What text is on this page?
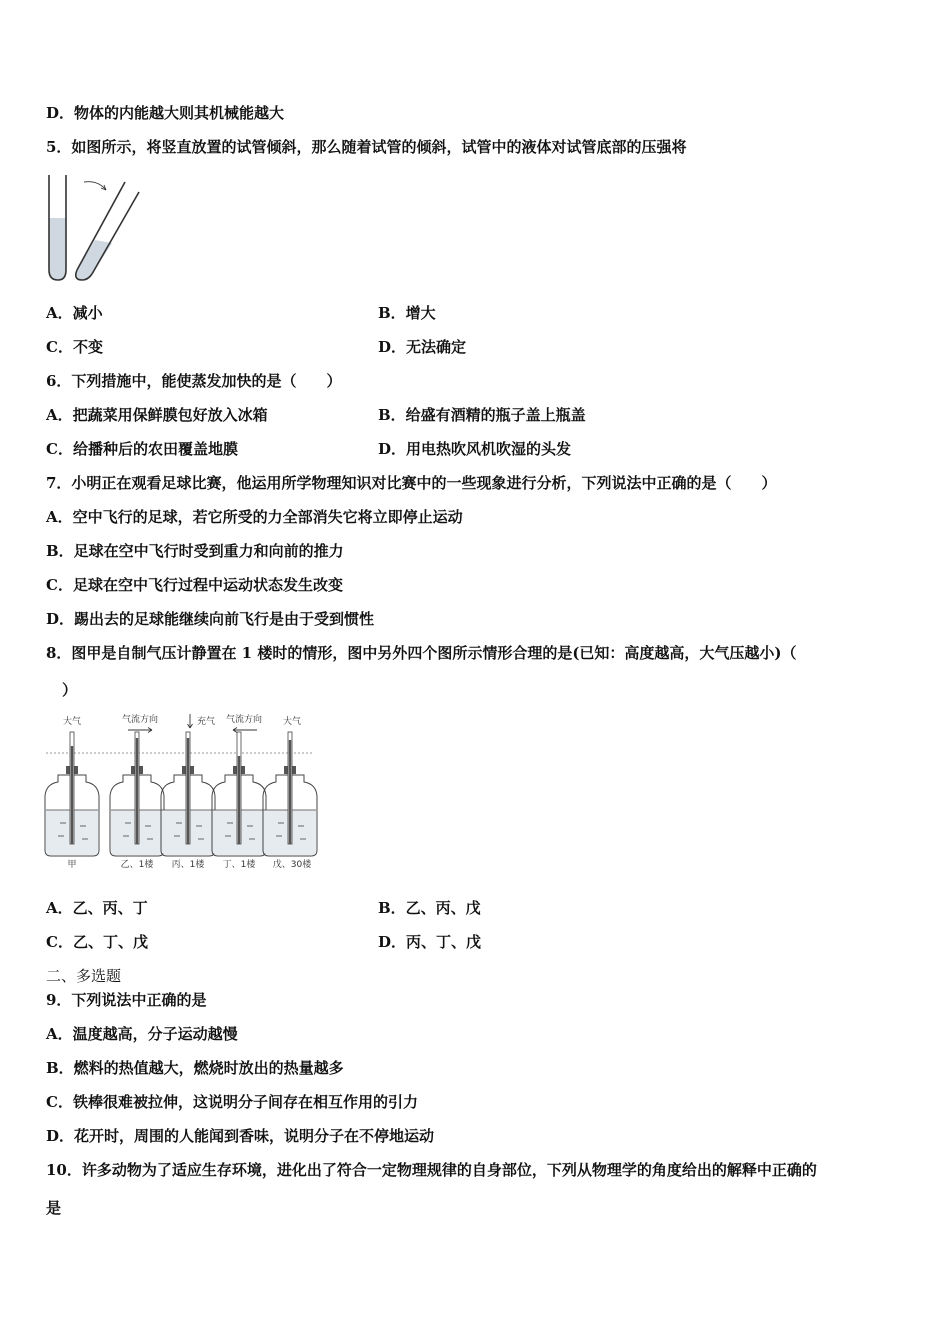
D．物体的内能越大则其机械能越大
5．如图所示，将竖直放置的试管倾斜，那么随着试管的倾斜，试管中的液体对试管底部的压强将
A．减小	B．增大
C．不变	D．无法确定
6．下列措施中，能使蒸发加快的是（　　）
A．把蔬菜用保鲜膜包好放入冰箱	B．给盛有酒精的瓶子盖上瓶盖
C．给播种后的农田覆盖地膜	D．用电热吹风机吹湿的头发
7．小明正在观看足球比赛，他运用所学物理知识对比赛中的一些现象进行分析，下列说法中正确的是（　　）
A．空中飞行的足球，若它所受的力全部消失它将立即停止运动
B．足球在空中飞行时受到重力和向前的推力
C．足球在空中飞行过程中运动状态发生改变
D．踢出去的足球能继续向前飞行是由于受到惯性
8．图甲是自制气压计静置在 1 楼时的情形，图中另外四个图所示情形合理的是(已知：高度越高，大气压越小)（
）
大气	气流方向	充气 气流方向 大气
甲	乙、1楼 丙、1楼 丁、1楼 戊、30楼
A．乙、丙、丁	B．乙、丙、戊
C．乙、丁、戊	D．丙、丁、戊
二、多选题
9．下列说法中正确的是
A．温度越高，分子运动越慢
B．燃料的热值越大，燃烧时放出的热量越多
C．铁棒很难被拉伸，这说明分子间存在相互作用的引力
D．花开时，周围的人能闻到香味，说明分子在不停地运动
10．许多动物为了适应生存环境，进化出了符合一定物理规律的自身部位，下列从物理学的角度给出的解释中正确的
是
